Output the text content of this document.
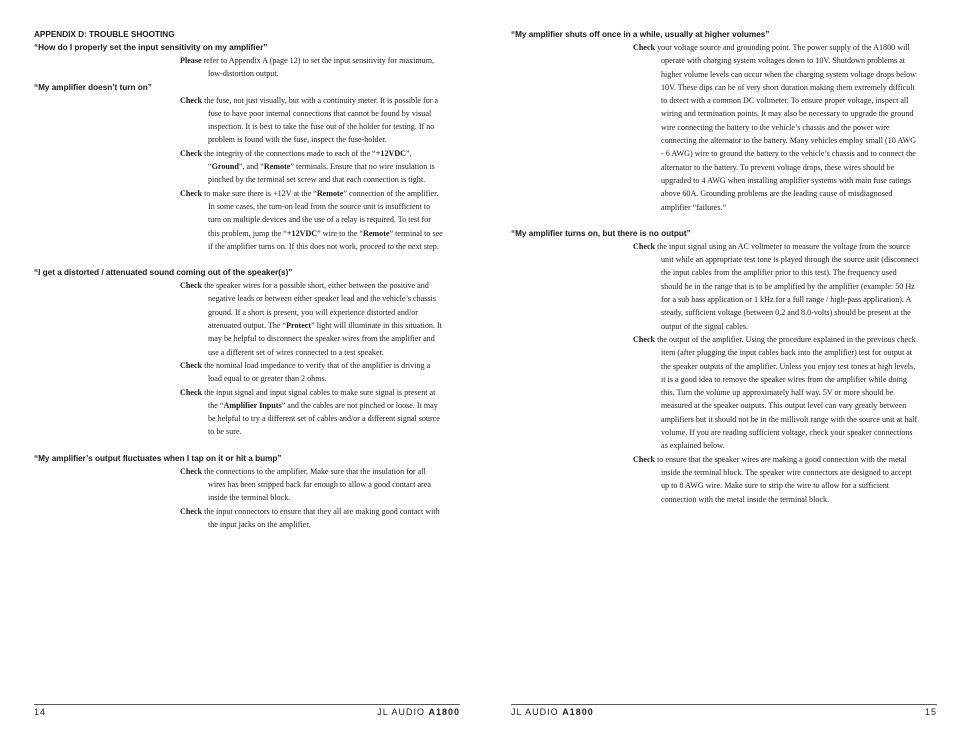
APPENDIX D: TROUBLE SHOOTING

“How do I properly set the input sensitivity on my amplifier”

Please refer to Appendix A (page 12) to set the input sensitivity for maximum, low-distortion output.

“My amplifier doesn’t turn on”

Check the fuse, not just visually, but with a continuity meter. It is possible for a fuse to have poor internal connections that cannot be found by visual inspection. It is best to take the fuse out of the holder for testing. If no problem is found with the fuse, inspect the fuse-holder.

Check the integrity of the connections made to each of the “+12VDC”, “Ground”, and “Remote” terminals. Ensure that no wire insulation is pinched by the terminal set screw and that each connection is tight.

Check to make sure there is +12V at the “Remote” connection of the amplifier. In some cases, the turn-on lead from the source unit is insufficient to turn on multiple devices and the use of a relay is required. To test for this problem, jump the “+12VDC” wire to the “Remote” terminal to see if the amplifier turns on. If this does not work, proceed to the next step.

“I get a distorted / attenuated sound coming out of the speaker(s)”

Check the speaker wires for a possible short, either between the positive and negative leads or between either speaker lead and the vehicle’s chassis ground. If a short is present, you will experience distorted and/or attenuated output. The “Protect” light will illuminate in this situation. It may be helpful to disconnect the speaker wires from the amplifier and use a different set of wires connected to a test speaker.

Check the nominal load impedance to verify that of the amplifier is driving a load equal to or greater than 2 ohms.

Check the input signal and input signal cables to make sure signal is present at the “Amplifier Inputs” and the cables are not pinched or loose. It may be helpful to try a different set of cables and/or a different signal source to be sure.

“My amplifier’s output fluctuates when I tap on it or hit a bump”

Check the connections to the amplifier. Make sure that the insulation for all wires has been stripped back far enough to allow a good contact area inside the terminal block.

Check the input connectors to ensure that they all are making good contact with the input jacks on the amplifier.

14	JL AUDIO A1800

“My amplifier shuts off once in a while, usually at higher volumes”

Check your voltage source and grounding point. The power supply of the A1800 will operate with charging system voltages down to 10V. Shutdown problems at higher volume levels can occur when the charging system voltage drops below 10V. These dips can be of very short duration making them extremely difficult to detect with a common DC voltmeter. To ensure proper voltage, inspect all wiring and termination points. It may also be necessary to upgrade the ground wire connecting the battery to the vehicle’s chassis and the power wire connecting the alternator to the battery. Many vehicles employ small (10 AWG - 6 AWG) wire to ground the battery to the vehicle’s chassis and to connect the alternator to the battery. To prevent voltage drops, these wires should be upgraded to 4 AWG when installing amplifier systems with main fuse ratings above 60A. Grounding problems are the leading cause of misdiagnosed amplifier “failures.”

“My amplifier turns on, but there is no output”

Check the input signal using an AC voltmeter to measure the voltage from the source unit while an appropriate test tone is played through the source unit (disconnect the input cables from the amplifier prior to this test). The frequency used should be in the range that is to be amplified by the amplifier (example: 50 Hz for a sub bass application or 1 kHz for a full range / high-pass application). A steady, sufficient voltage (between 0.2 and 8.0-volts) should be present at the output of the signal cables.

Check the output of the amplifier. Using the procedure explained in the previous check item (after plugging the input cables back into the amplifier) test for output at the speaker outputs of the amplifier. Unless you enjoy test tones at high levels, it is a good idea to remove the speaker wires from the amplifier while doing this. Turn the volume up approximately half way. 5V or more should be measured at the speaker outputs. This output level can vary greatly between amplifiers but it should not be in the millivolt range with the source unit at half volume. If you are reading sufficient voltage, check your speaker connections as explained below.

Check to ensure that the speaker wires are making a good connection with the metal inside the terminal block. The speaker wire connectors are designed to accept up to 8 AWG wire. Make sure to strip the wire to allow for a sufficient connection with the metal inside the terminal block.

JL AUDIO A1800	15
